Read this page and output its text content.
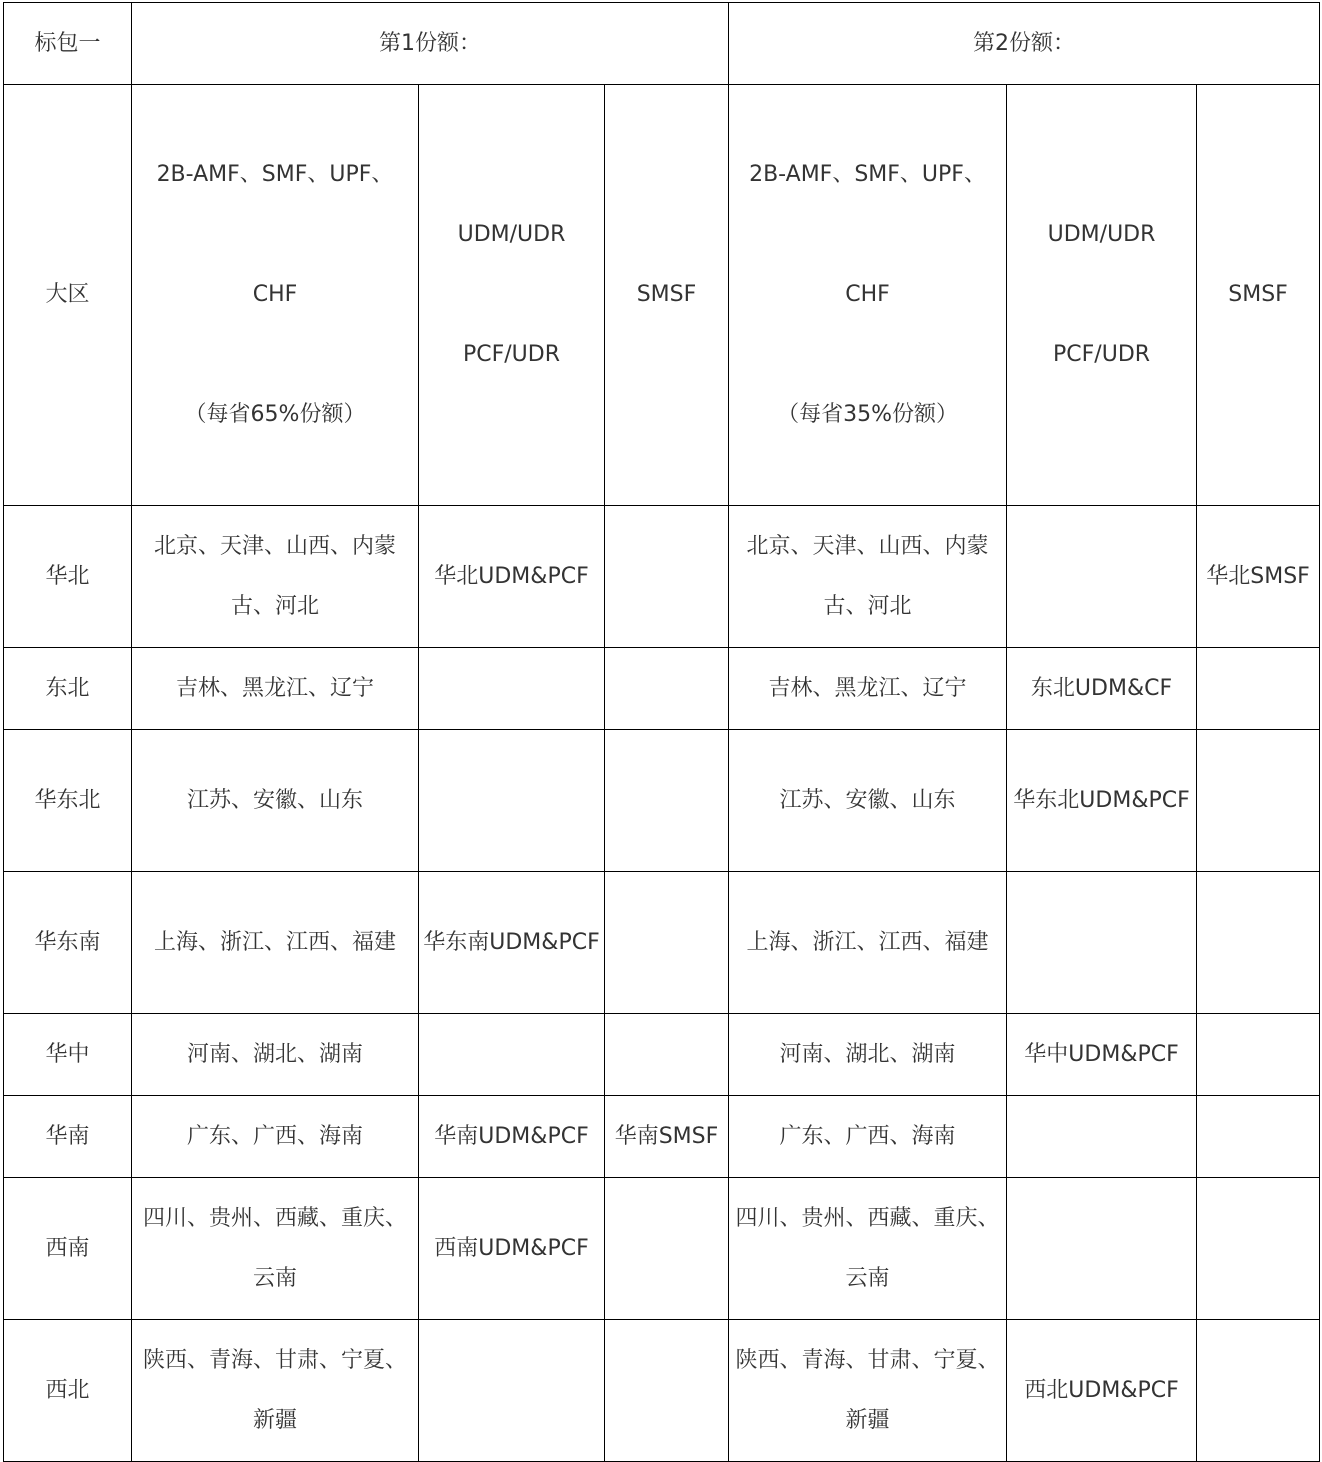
标包一	第1份额：			第2份额：		
大区	2B-AMF、SMF、UPF、

CHF

（每省65%份额）	UDM/UDR

PCF/UDR	SMSF	2B-AMF、SMF、UPF、

CHF

（每省35%份额）	UDM/UDR

PCF/UDR	SMSF
华北	北京、天津、山西、内蒙古、河北	华北UDM&PCF		北京、天津、山西、内蒙古、河北		华北SMSF
东北	吉林、黑龙江、辽宁			吉林、黑龙江、辽宁	东北UDM&CF	
华东北	江苏、安徽、山东			江苏、安徽、山东	华东北UDM&PCF	
华东南	上海、浙江、江西、福建	华东南UDM&PCF		上海、浙江、江西、福建		
华中	河南、湖北、湖南			河南、湖北、湖南	华中UDM&PCF	
华南	广东、广西、海南	华南UDM&PCF	华南SMSF	广东、广西、海南		
西南	四川、贵州、西藏、重庆、云南	西南UDM&PCF		四川、贵州、西藏、重庆、云南		
西北	陕西、青海、甘肃、宁夏、新疆			陕西、青海、甘肃、宁夏、新疆	西北UDM&PCF	
